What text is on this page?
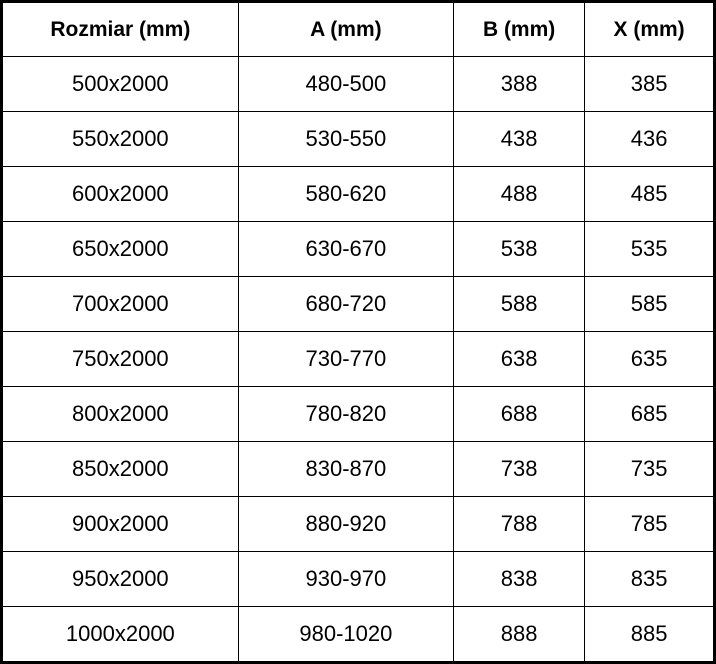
Rozmiar (mm)	A (mm)	B (mm)	X (mm)
500x2000	480-500	388	385
550x2000	530-550	438	436
600x2000	580-620	488	485
650x2000	630-670	538	535
700x2000	680-720	588	585
750x2000	730-770	638	635
800x2000	780-820	688	685
850x2000	830-870	738	735
900x2000	880-920	788	785
950x2000	930-970	838	835
1000x2000	980-1020	888	885
